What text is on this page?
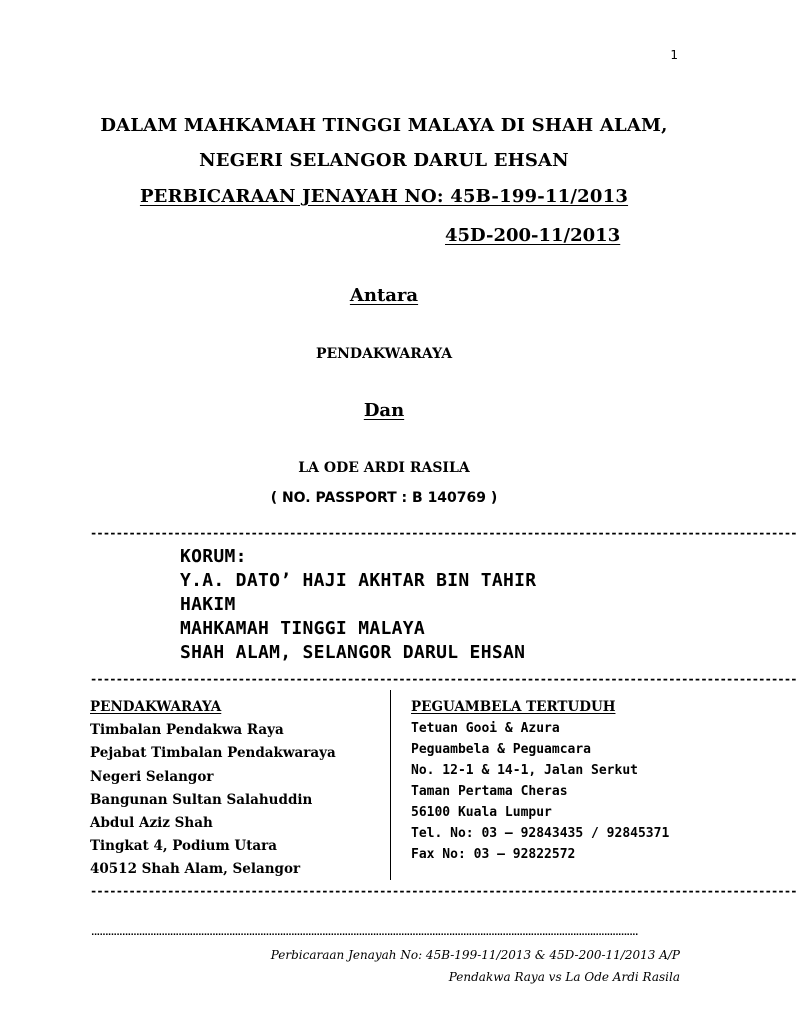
1
DALAM MAHKAMAH TINGGI MALAYA DI SHAH ALAM,
NEGERI SELANGOR DARUL EHSAN
PERBICARAAN JENAYAH NO: 45B-199-11/2013
45D-200-11/2013
Antara
PENDAKWARAYA
Dan
LA ODE ARDI RASILA
( NO. PASSPORT : B 140769 )
--------------------------------------------------------------------------------------------------------------
KORUM:
Y.A. DATO’ HAJI AKHTAR BIN TAHIR
HAKIM
MAHKAMAH TINGGI MALAYA
SHAH ALAM, SELANGOR DARUL EHSAN
--------------------------------------------------------------------------------------------------------------
PENDAKWARAYA
Timbalan Pendakwa Raya
Pejabat Timbalan Pendakwaraya
Negeri Selangor
Bangunan Sultan Salahuddin
Abdul Aziz Shah
Tingkat 4, Podium Utara
40512 Shah Alam, Selangor
PEGUAMBELA TERTUDUH
Tetuan Gooi & Azura
Peguambela & Peguamcara
No. 12-1 & 14-1, Jalan Serkut
Taman Pertama Cheras
56100 Kuala Lumpur
Tel. No: 03 – 92843435 / 92845371
Fax No: 03 – 92822572
--------------------------------------------------------------------------------------------------------------
..................................................................................................................................................................................................
Perbicaraan Jenayah No: 45B-199-11/2013 & 45D-200-11/2013 A/P
Pendakwa Raya vs La Ode Ardi Rasila
